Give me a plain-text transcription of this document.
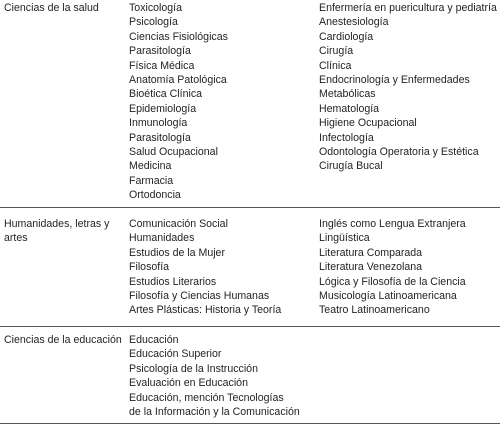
Ciencias de la salud	Toxicología
Psicología
Ciencias Fisiológicas
Parasitología
Física Médica
Anatomía Patológica
Bioética Clínica
Epidemiología
Inmunología
Parasitología
Salud Ocupacional
Medicina
Farmacia
Ortodoncia
Enfermería en puericultura y pediatría
Anestesiología
Cardiología
Cirugía
Clínica
Endocrinología y Enfermedades
Metabólicas
Hematología
Higiene Ocupacional
Infectología
Odontología Operatoria y Estética
Cirugía Bucal
Humanidades, letras y artes
Comunicación Social
Humanidades
Estudios de la Mujer
Filosofía
Estudios Literarios
Filosofía y Ciencias Humanas
Artes Plásticas: Historia y Teoría
Inglés como Lengua Extranjera
Lingüística
Literatura Comparada
Literatura Venezolana
Lógica y Filosofía de la Ciencia
Musicología Latinoamericana
Teatro Latinoamericano
Ciencias de la educación Educación
Educación Superior
Psicología de la Instrucción
Evaluación en Educación
Educación, mención Tecnologías
de la Información y la Comunicación
